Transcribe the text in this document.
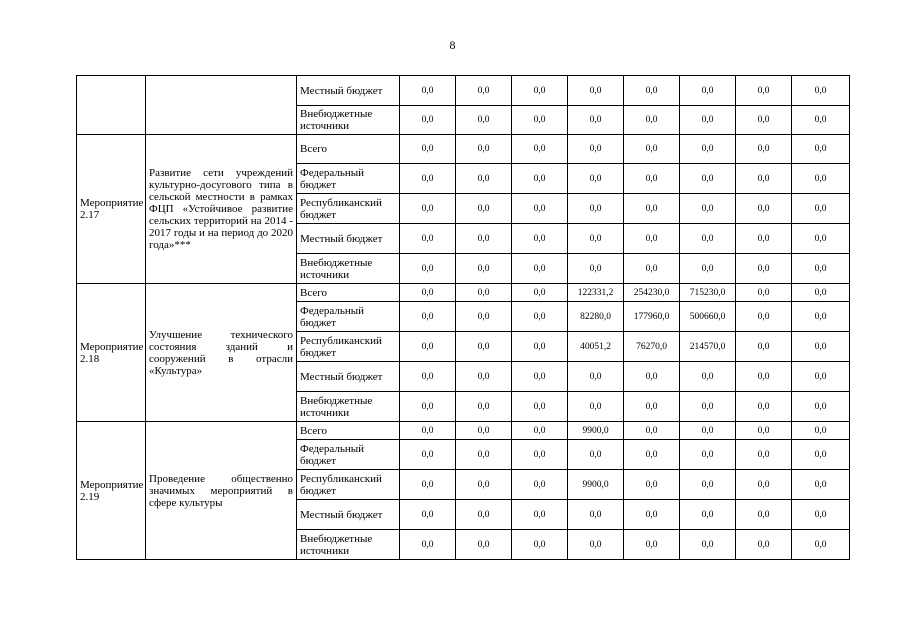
8
		Местный бюджет	0,0	0,0	0,0	0,0	0,0	0,0	0,0	0,0
		Внебюджетные источники	0,0	0,0	0,0	0,0	0,0	0,0	0,0	0,0
Мероприятие 2.17	Развитие сети учреждений культурно-досугового типа в сельской местности в рамках ФЦП «Устойчивое развитие сельских территорий на 2014 - 2017 годы и на период до 2020 года»***	Всего	0,0	0,0	0,0	0,0	0,0	0,0	0,0	0,0
		Федеральный бюджет	0,0	0,0	0,0	0,0	0,0	0,0	0,0	0,0
		Республиканский бюджет	0,0	0,0	0,0	0,0	0,0	0,0	0,0	0,0
		Местный бюджет	0,0	0,0	0,0	0,0	0,0	0,0	0,0	0,0
		Внебюджетные источники	0,0	0,0	0,0	0,0	0,0	0,0	0,0	0,0
Мероприятие 2.18	Улучшение технического состояния зданий и сооружений в отрасли «Культура»	Всего	0,0	0,0	0,0	122331,2	254230,0	715230,0	0,0	0,0
		Федеральный бюджет	0,0	0,0	0,0	82280,0	177960,0	500660,0	0,0	0,0
		Республиканский бюджет	0,0	0,0	0,0	40051,2	76270,0	214570,0	0,0	0,0
		Местный бюджет	0,0	0,0	0,0	0,0	0,0	0,0	0,0	0,0
		Внебюджетные источники	0,0	0,0	0,0	0,0	0,0	0,0	0,0	0,0
Мероприятие 2.19	Проведение общественно значимых мероприятий в сфере культуры	Всего	0,0	0,0	0,0	9900,0	0,0	0,0	0,0	0,0
		Федеральный бюджет	0,0	0,0	0,0	0,0	0,0	0,0	0,0	0,0
		Республиканский бюджет	0,0	0,0	0,0	9900,0	0,0	0,0	0,0	0,0
		Местный бюджет	0,0	0,0	0,0	0,0	0,0	0,0	0,0	0,0
		Внебюджетные источники	0,0	0,0	0,0	0,0	0,0	0,0	0,0	0,0
